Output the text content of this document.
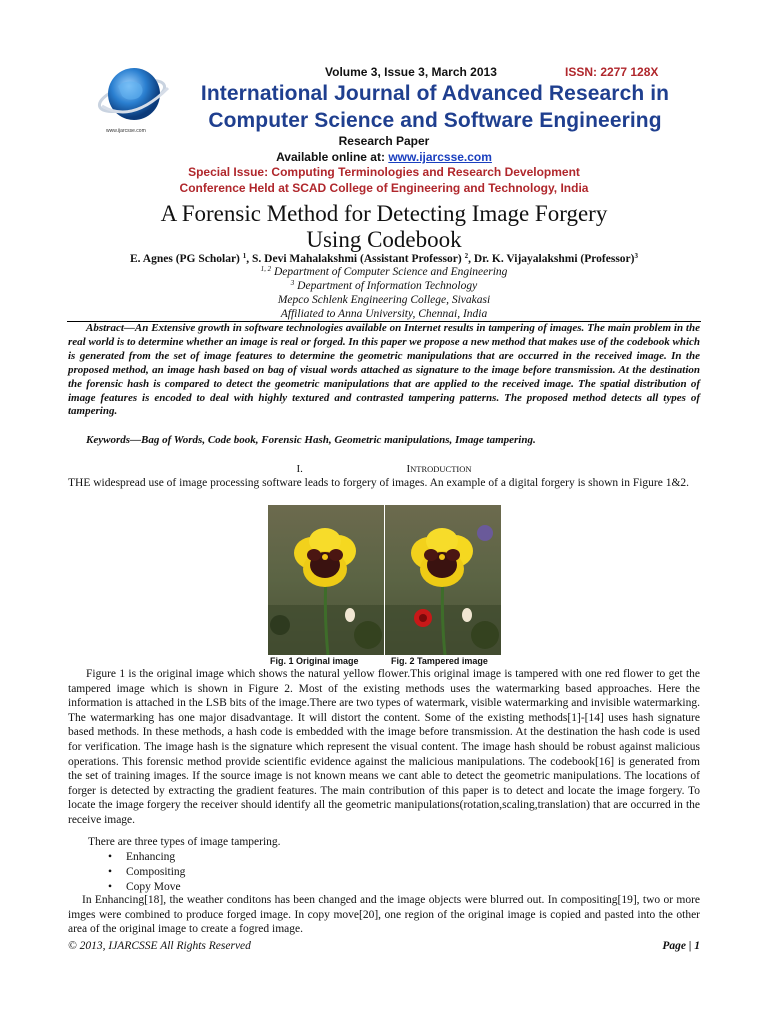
www.ijarcsse.com
Volume 3, Issue 3, March 2013	ISSN: 2277 128X
International Journal of Advanced Research in
Computer Science and Software Engineering
Research Paper
Available online at: www.ijarcsse.com
Special Issue: Computing Terminologies and Research Development
Conference Held at SCAD College of Engineering and Technology, India
A Forensic Method for Detecting Image Forgery
Using Codebook
E. Agnes (PG Scholar) $^1$, S. Devi Mahalakshmi (Assistant Professor) $^2$, Dr. K. Vijayalakshmi (Professor)$^3$
$^{1, 2}$ Department of Computer Science and Engineering
$^3$ Department of Information Technology
Mepco Schlenk Engineering College, Sivakasi
Affiliated to Anna University, Chennai, India
Abstract—An Extensive growth in software technologies available on Internet results in tampering of images. The main problem in the real world is to determine whether an image is real or forged. In this paper we propose a new method that makes use of the codebook which is generated from the set of image features to determine the geometric manipulations that are occurred in the received image. In the proposed method, an image hash based on bag of visual words attached as signature to the image before transmission. At the destination the forensic hash is compared to detect the geometric manipulations that are applied to the received image. The spatial distribution of image features is encoded to deal with highly textured and contrasted tampering patterns. The proposed method detects all types of tampering.
Keywords—Bag of Words, Code book, Forensic Hash, Geometric manipulations, Image tampering.
I.	INTRODUCTION
THE widespread use of image processing software leads to forgery of images. An example of a digital forgery is shown in Figure 1&2.
Fig. 1 Original image	Fig. 2 Tampered image
Figure 1 is the original image which shows the natural yellow flower.This original image is tampered with one red flower to get the tampered image which is shown in Figure 2. Most of the existing methods uses the watermarking based approaches. Here the information is attached in the LSB bits of the image.There are two types of watermark, visible watermarking and invisible watermarking. The watermarking has one major disadvantage. It will distort the content. Some of the existing methods[1]-[14] uses hash signature based methods. In these methods, a hash code is embedded with the image before transmission. At the destination the hash code is used for verification. The image hash is the signature which represent the visual content. The image hash should be robust against malicious operations. This forensic method provide scientific evidence against the malicious manipulations. The codebook[16] is generated from the set of training images. If the source image is not known means we cant able to detect the geometric manipulations. The locations of forger is detected by extracting the gradient features. The main contribution of this paper is to detect and locate the image forgery. To locate the image forgery the receiver should identify all the geometric manipulations(rotation,scaling,translation) that are occurred in the receive image.
There are three types of image tampering.
• Enhancing
• Compositing
• Copy Move
In Enhancing[18], the weather conditons has been changed and the image objects were blurred out. In compositing[19], two or more imges were combined to produce forged image. In copy move[20], one region of the original image is copied and pasted into the other area of the original image to create a fogred image.
© 2013, IJARCSSE All Rights Reserved	Page | 1
